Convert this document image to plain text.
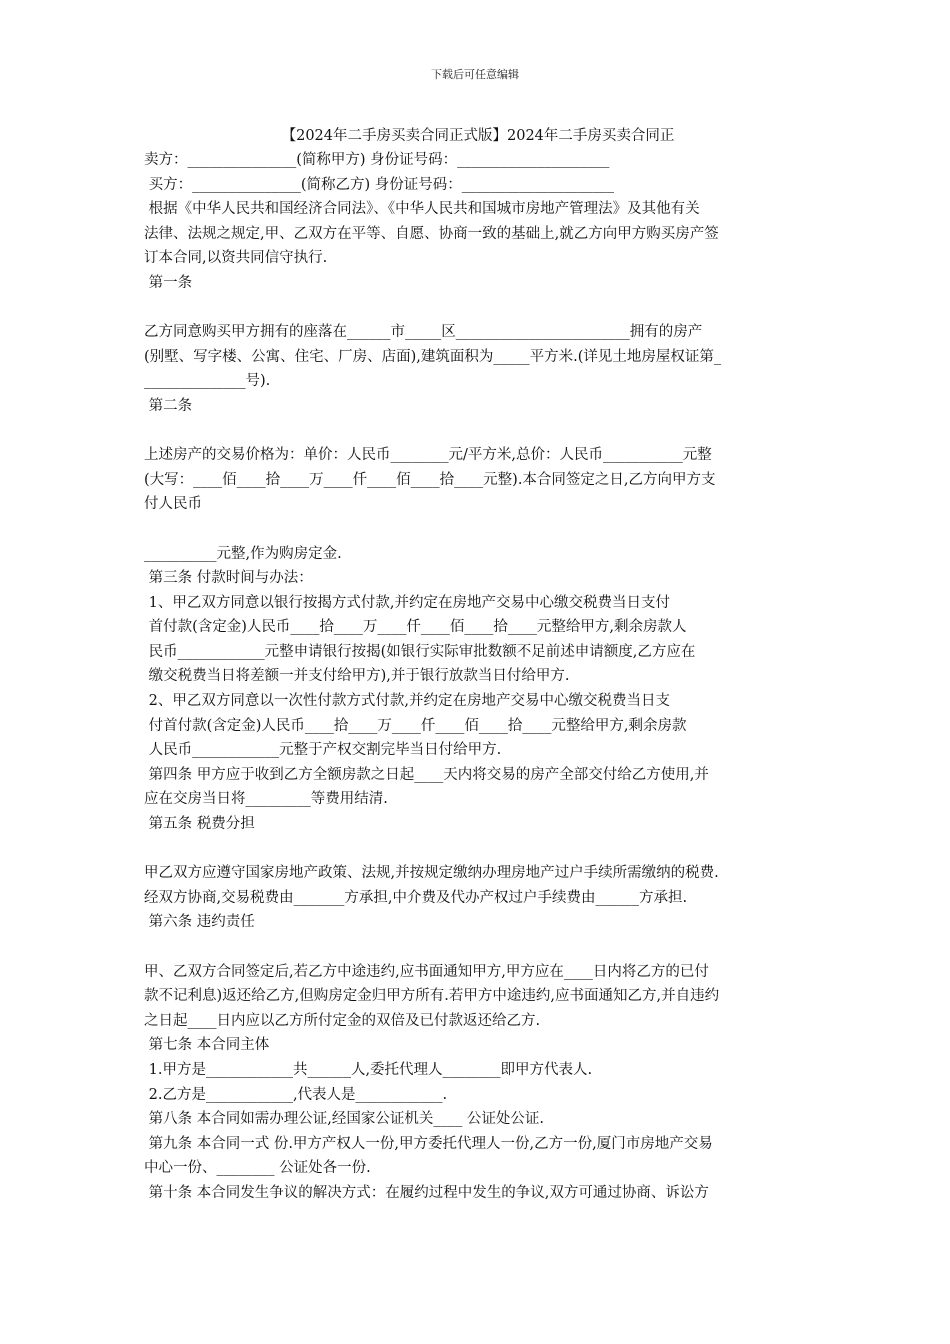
下载后可任意编辑
【2024年二手房买卖合同正式版】2024年二手房买卖合同正
卖方：_______________(简称甲方) 身份证号码：_____________________
买方：_______________(简称乙方) 身份证号码：_____________________
根据《中华人民共和国经济合同法》、《中华人民共和国城市房地产管理法》及其他有关
法律、法规之规定,甲、乙双方在平等、自愿、协商一致的基础上,就乙方向甲方购买房产签
订本合同,以资共同信守执行.
第一条
乙方同意购买甲方拥有的座落在______市_____区________________________拥有的房产
(别墅、写字楼、公寓、住宅、厂房、店面),建筑面积为_____平方米.(详见土地房屋权证第_
______________号).
第二条
上述房产的交易价格为：单价：人民币________元/平方米,总价：人民币___________元整
(大写：____佰____拾____万____仟____佰____拾____元整).本合同签定之日,乙方向甲方支
付人民币
__________元整,作为购房定金.
第三条 付款时间与办法：
1、甲乙双方同意以银行按揭方式付款,并约定在房地产交易中心缴交税费当日支付
首付款(含定金)人民币____拾____万____仟____佰____拾____元整给甲方,剩余房款人
民币____________元整申请银行按揭(如银行实际审批数额不足前述申请额度,乙方应在
缴交税费当日将差额一并支付给甲方),并于银行放款当日付给甲方.
2、甲乙双方同意以一次性付款方式付款,并约定在房地产交易中心缴交税费当日支
付首付款(含定金)人民币____拾____万____仟____佰____拾____元整给甲方,剩余房款
人民币____________元整于产权交割完毕当日付给甲方.
第四条 甲方应于收到乙方全额房款之日起____天内将交易的房产全部交付给乙方使用,并
应在交房当日将_________等费用结清.
第五条 税费分担
甲乙双方应遵守国家房地产政策、法规,并按规定缴纳办理房地产过户手续所需缴纳的税费.
经双方协商,交易税费由_______方承担,中介费及代办产权过户手续费由______方承担.
第六条 违约责任
甲、乙双方合同签定后,若乙方中途违约,应书面通知甲方,甲方应在____日内将乙方的已付
款不记利息)返还给乙方,但购房定金归甲方所有.若甲方中途违约,应书面通知乙方,并自违约
之日起____日内应以乙方所付定金的双倍及已付款返还给乙方.
第七条 本合同主体
1.甲方是____________共______人,委托代理人________即甲方代表人.
2.乙方是____________,代表人是____________.
第八条 本合同如需办理公证,经国家公证机关____ 公证处公证.
第九条 本合同一式 份.甲方产权人一份,甲方委托代理人一份,乙方一份,厦门市房地产交易
中心一份、________ 公证处各一份.
第十条 本合同发生争议的解决方式：在履约过程中发生的争议,双方可通过协商、诉讼方
